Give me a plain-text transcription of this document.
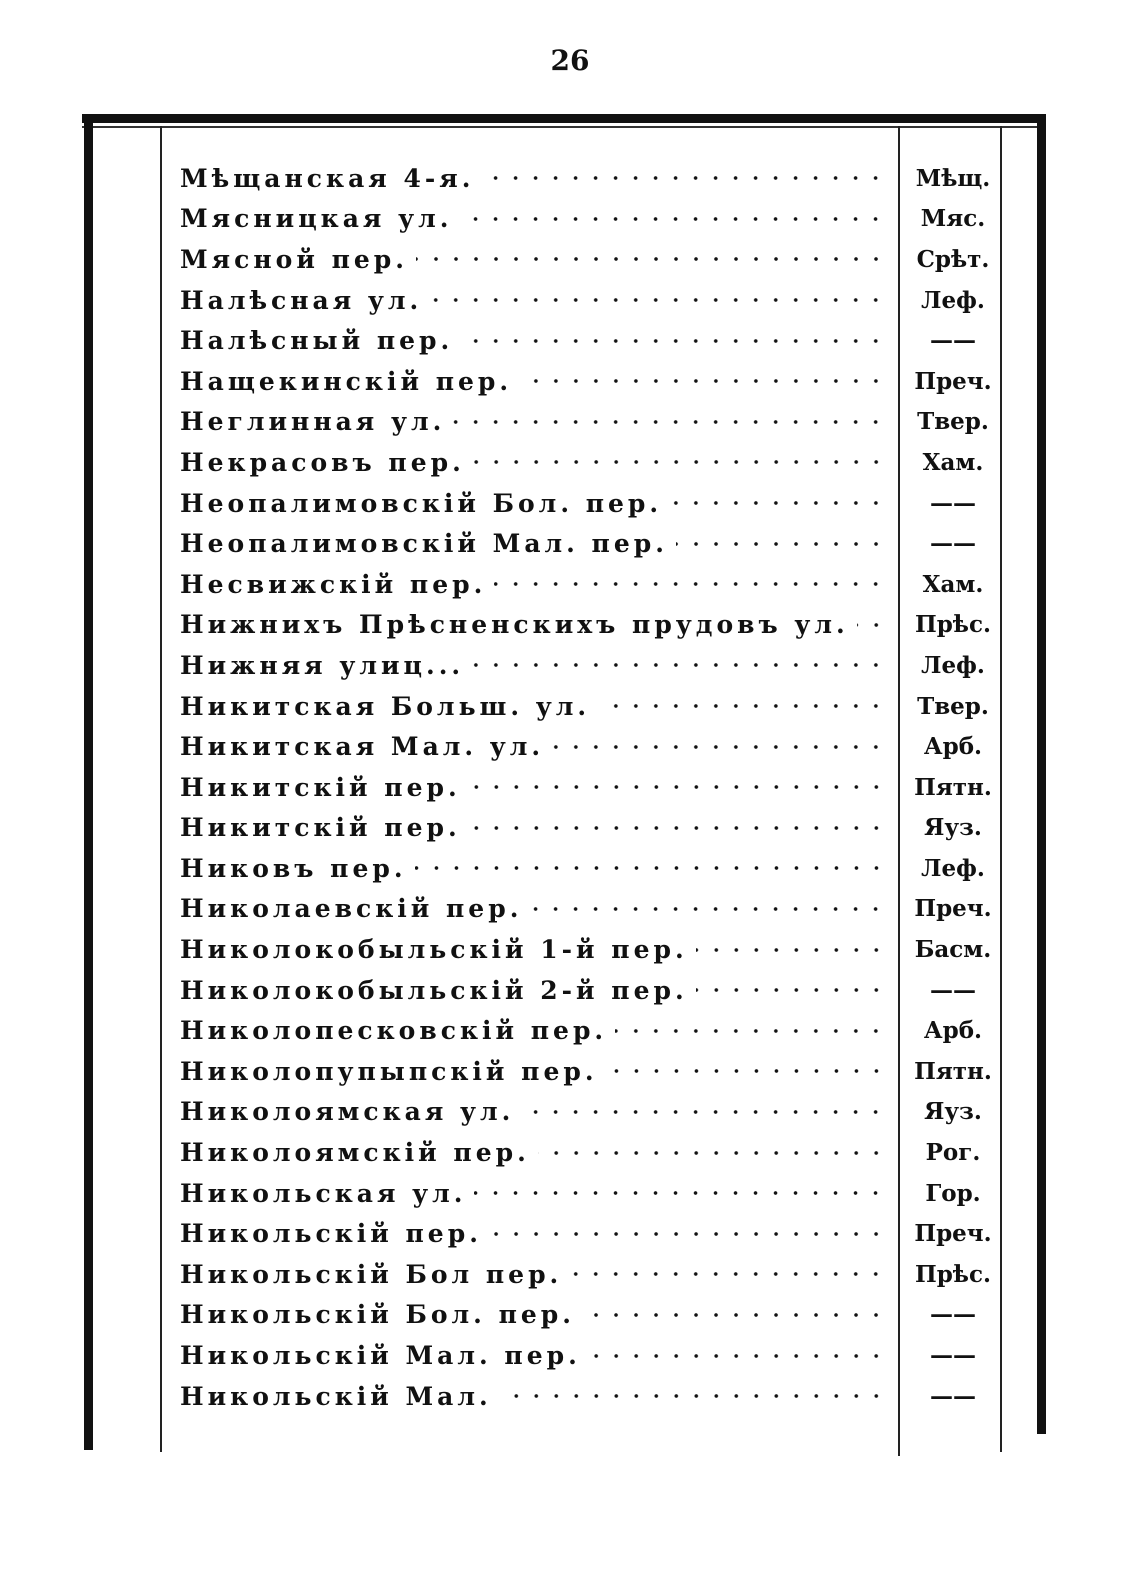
26
Мѣщанская 4-я.	Мѣщ.
Мясницкая ул.	Мяс.
Мясной пер.	Срѣт.
Налѣсная ул.	Леф.
Налѣсный пер.	——
Нащекинскій пер.	Преч.
Неглинная ул.	Твер.
Некрасовъ пер.	Хам.
Неопалимовскій Бол. пер.	——
Неопалимовскій Мал. пер.	——
Несвижскій пер.	Хам.
Нижнихъ Прѣсненскихъ прудовъ ул.	Прѣс.
Нижняя улиц...	Леф.
Никитская Больш. ул.	Твер.
Никитская Мал. ул.	Арб.
Никитскій пер.	Пятн.
Никитскій пер.	Яуз.
Никовъ пер.	Леф.
Николаевскій пер.	Преч.
Николокобыльскій 1-й пер.	Басм.
Николокобыльскій 2-й пер.	——
Николопесковскій пер.	Арб.
Николопупыпскій пер.	Пятн.
Николоямская ул.	Яуз.
Николоямскій пер.	Рог.
Никольская ул.	Гор.
Никольскій пер.	Преч.
Никольскій Бол пер.	Прѣс.
Никольскій Бол. пер.	——
Никольскій Мал. пер.	——
Никольскій Мал.	——
